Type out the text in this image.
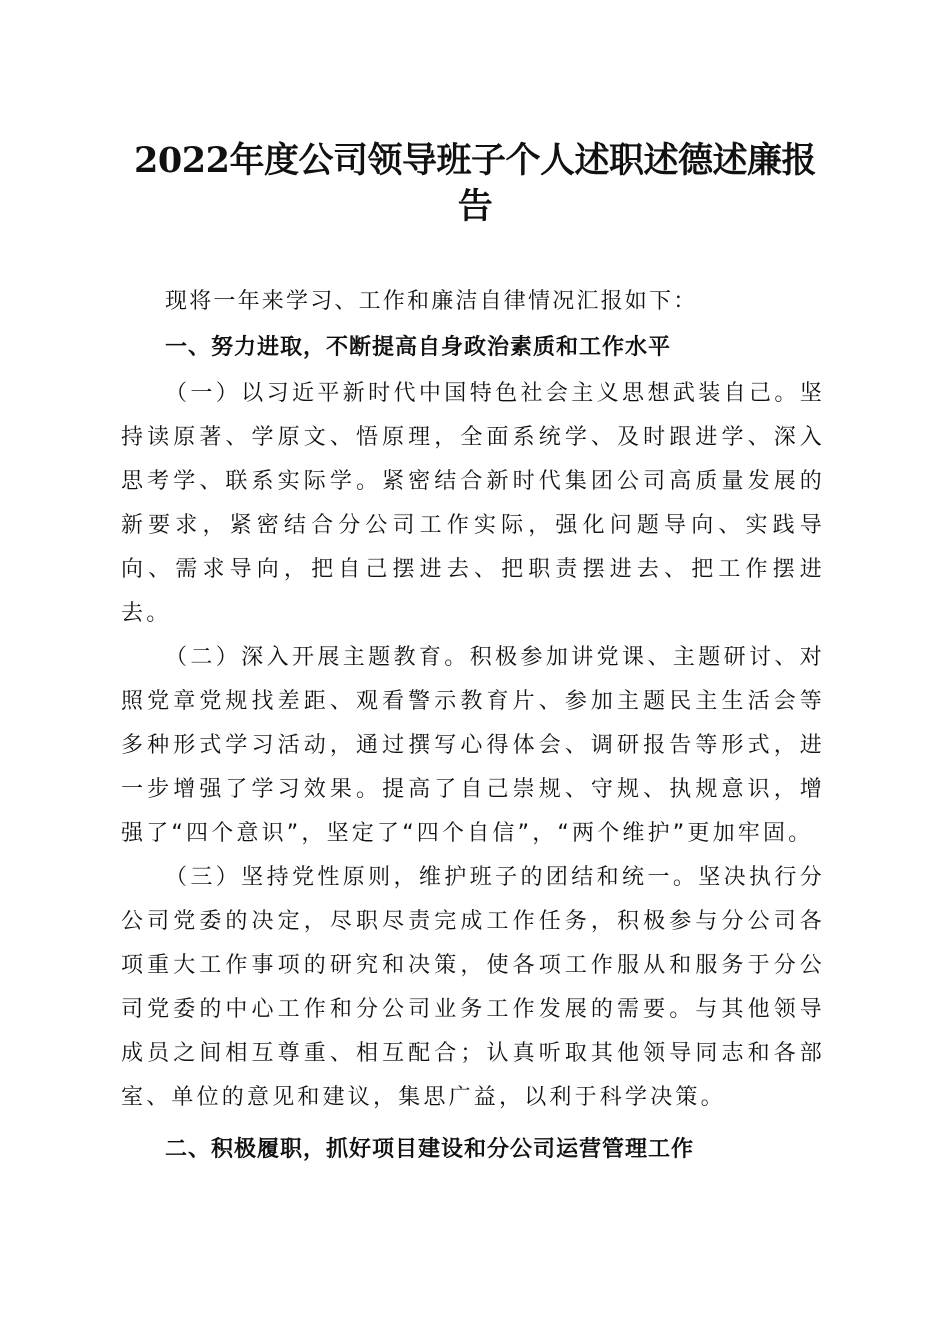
2022年度公司领导班子个人述职述德述廉报告

现将一年来学习、工作和廉洁自律情况汇报如下：

一、努力进取，不断提高自身政治素质和工作水平

（一）以习近平新时代中国特色社会主义思想武装自己。坚持读原著、学原文、悟原理，全面系统学、及时跟进学、深入思考学、联系实际学。紧密结合新时代集团公司高质量发展的新要求，紧密结合分公司工作实际，强化问题导向、实践导向、需求导向，把自己摆进去、把职责摆进去、把工作摆进去。

（二）深入开展主题教育。积极参加讲党课、主题研讨、对照党章党规找差距、观看警示教育片、参加主题民主生活会等多种形式学习活动，通过撰写心得体会、调研报告等形式，进一步增强了学习效果。提高了自己崇规、守规、执规意识，增强了“四个意识”，坚定了“四个自信”，“两个维护”更加牢固。

（三）坚持党性原则，维护班子的团结和统一。坚决执行分公司党委的决定，尽职尽责完成工作任务，积极参与分公司各项重大工作事项的研究和决策，使各项工作服从和服务于分公司党委的中心工作和分公司业务工作发展的需要。与其他领导成员之间相互尊重、相互配合；认真听取其他领导同志和各部室、单位的意见和建议，集思广益，以利于科学决策。

二、积极履职，抓好项目建设和分公司运营管理工作
